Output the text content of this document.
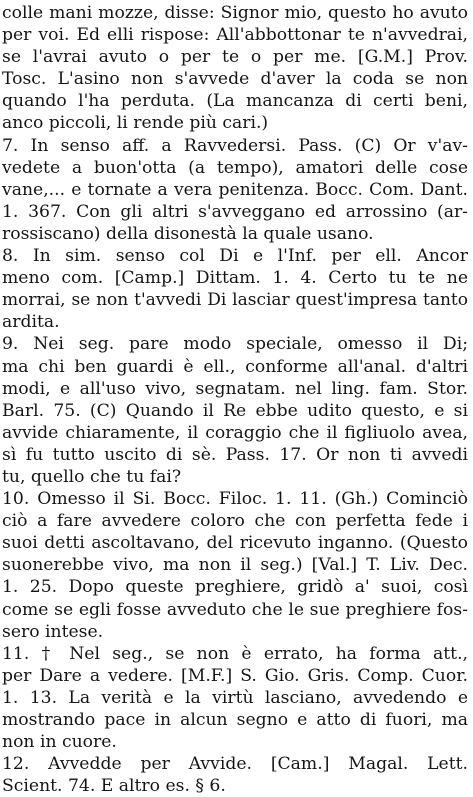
colle mani mozze, disse: Signor mio, questo ho avuto
per voi. Ed elli rispose: All'abbottonar te n'avvedrai,
se l'avrai avuto o per te o per me. [G.M.] Prov.
Tosc. L'asino non s'avvede d'aver la coda se non
quando l'ha perduta. (La mancanza di certi beni,
anco piccoli, li rende più cari.)
7. In senso aff. a Ravvedersi. Pass. (C) Or v'av-
vedete a buon'otta (a tempo), amatori delle cose
vane,... e tornate a vera penitenza. Bocc. Com. Dant.
1. 367. Con gli altri s'avveggano ed arrossino (ar-
rossiscano) della disonestà la quale usano.
8. In sim. senso col Di e l'Inf. per ell. Ancor
meno com. [Camp.] Dittam. 1. 4. Certo tu te ne
morrai, se non t'avvedi Di lasciar quest'impresa tanto
ardita.
9. Nei seg. pare modo speciale, omesso il Di;
ma chi ben guardi è ell., conforme all'anal. d'altri
modi, e all'uso vivo, segnatam. nel ling. fam. Stor.
Barl. 75. (C) Quando il Re ebbe udito questo, e si
avvide chiaramente, il coraggio che il figliuolo avea,
sì fu tutto uscito di sè. Pass. 17. Or non ti avvedi
tu, quello che tu fai?
10. Omesso il Si. Bocc. Filoc. 1. 11. (Gh.) Cominciò
ciò a fare avvedere coloro che con perfetta fede i
suoi detti ascoltavano, del ricevuto inganno. (Questo
suonerebbe vivo, ma non il seg.) [Val.] T. Liv. Dec.
1. 25. Dopo queste preghiere, gridò a' suoi, così
come se egli fosse avveduto che le sue preghiere fos-
sero intese.
11. † Nel seg., se non è errato, ha forma att.,
per Dare a vedere. [M.F.] S. Gio. Gris. Comp. Cuor.
1. 13. La verità e la virtù lasciano, avvedendo e
mostrando pace in alcun segno e atto di fuori, ma
non in cuore.
12. Avvedde per Avvide. [Cam.] Magal. Lett.
Scient. 74. E altro es. § 6.
